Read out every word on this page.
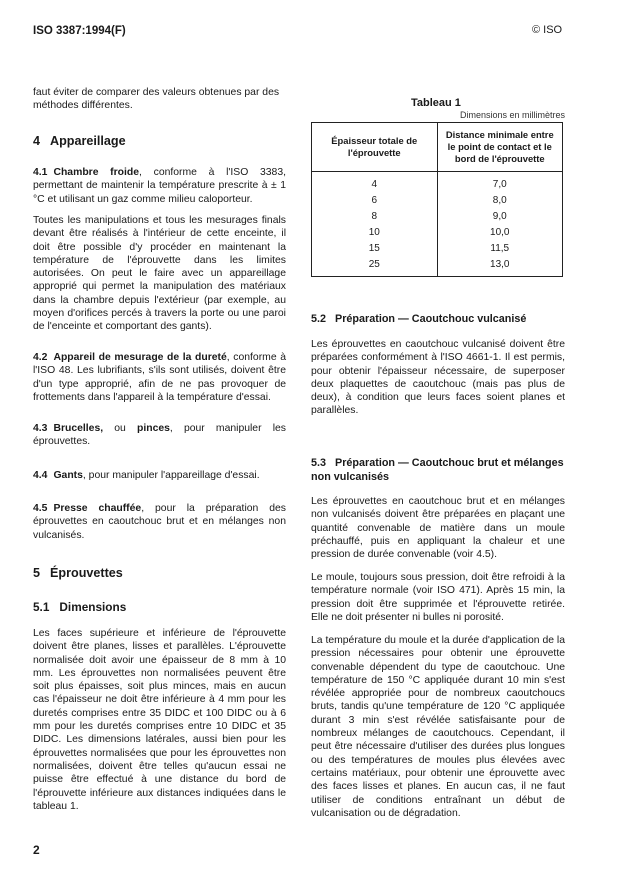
ISO 3387:1994(F)	© ISO

faut éviter de comparer des valeurs obtenues par des méthodes différentes.

4 Appareillage

4.1 Chambre froide, conforme à l'ISO 3383, permettant de maintenir la température prescrite à ± 1 °C et utilisant un gaz comme milieu caloporteur.

Toutes les manipulations et tous les mesurages finals devant être réalisés à l'intérieur de cette enceinte, il doit être possible d'y procéder en maintenant la température de l'éprouvette dans les limites autorisées. On peut le faire avec un appareillage approprié qui permet la manipulation des matériaux dans la chambre depuis l'extérieur (par exemple, au moyen d'orifices percés à travers la porte ou une paroi de l'enceinte et comportant des gants).

4.2 Appareil de mesurage de la dureté, conforme à l'ISO 48. Les lubrifiants, s'ils sont utilisés, doivent être d'un type approprié, afin de ne pas provoquer de frottements dans l'appareil à la température d'essai.

4.3 Brucelles, ou pinces, pour manipuler les éprouvettes.

4.4 Gants, pour manipuler l'appareillage d'essai.

4.5 Presse chauffée, pour la préparation des éprouvettes en caoutchouc brut et en mélanges non vulcanisés.

5 Éprouvettes
5.1 Dimensions

Les faces supérieure et inférieure de l'éprouvette doivent être planes, lisses et parallèles. L'éprouvette normalisée doit avoir une épaisseur de 8 mm à 10 mm. Les éprouvettes non normalisées peuvent être soit plus épaisses, soit plus minces, mais en aucun cas l'épaisseur ne doit être inférieure à 4 mm pour les duretés comprises entre 35 DIDC et 100 DIDC ou à 6 mm pour les duretés comprises entre 10 DIDC et 35 DIDC. Les dimensions latérales, aussi bien pour les éprouvettes normalisées que pour les éprouvettes non normalisées, doivent être telles qu'aucun essai ne puisse être effectué à une distance du bord de l'éprouvette inférieure aux distances indiquées dans le tableau 1.

Tableau 1
Dimensions en millimètres
Épaisseur totale de l'éprouvette	Distance minimale entre le point de contact et le bord de l'éprouvette
4	7,0
6	8,0
8	9,0
10	10,0
15	11,5
25	13,0
5.2 Préparation — Caoutchouc vulcanisé

Les éprouvettes en caoutchouc vulcanisé doivent être préparées conformément à l'ISO 4661-1. Il est permis, pour obtenir l'épaisseur nécessaire, de superposer deux plaquettes de caoutchouc (mais pas plus de deux), à condition que leurs faces soient planes et parallèles.

5.3 Préparation — Caoutchouc brut et mélanges non vulcanisés

Les éprouvettes en caoutchouc brut et en mélanges non vulcanisés doivent être préparées en plaçant une quantité convenable de matière dans un moule préchauffé, puis en appliquant la chaleur et une pression de durée convenable (voir 4.5).

Le moule, toujours sous pression, doit être refroidi à la température normale (voir ISO 471). Après 15 min, la pression doit être supprimée et l'éprouvette retirée. Elle ne doit présenter ni bulles ni porosité.

La température du moule et la durée d'application de la pression nécessaires pour obtenir une éprouvette convenable dépendent du type de caoutchouc. Une température de 150 °C appliquée durant 10 min s'est révélée appropriée pour de nombreux caoutchoucs bruts, tandis qu'une température de 120 °C appliquée durant 3 min s'est révélée satisfaisante pour de nombreux mélanges de caoutchoucs. Cependant, il peut être nécessaire d'utiliser des durées plus longues ou des températures de moules plus élevées avec certains matériaux, pour obtenir une éprouvette avec des faces lisses et planes. En aucun cas, il ne faut utiliser de conditions entraînant un début de vulcanisation ou de dégradation.

2
